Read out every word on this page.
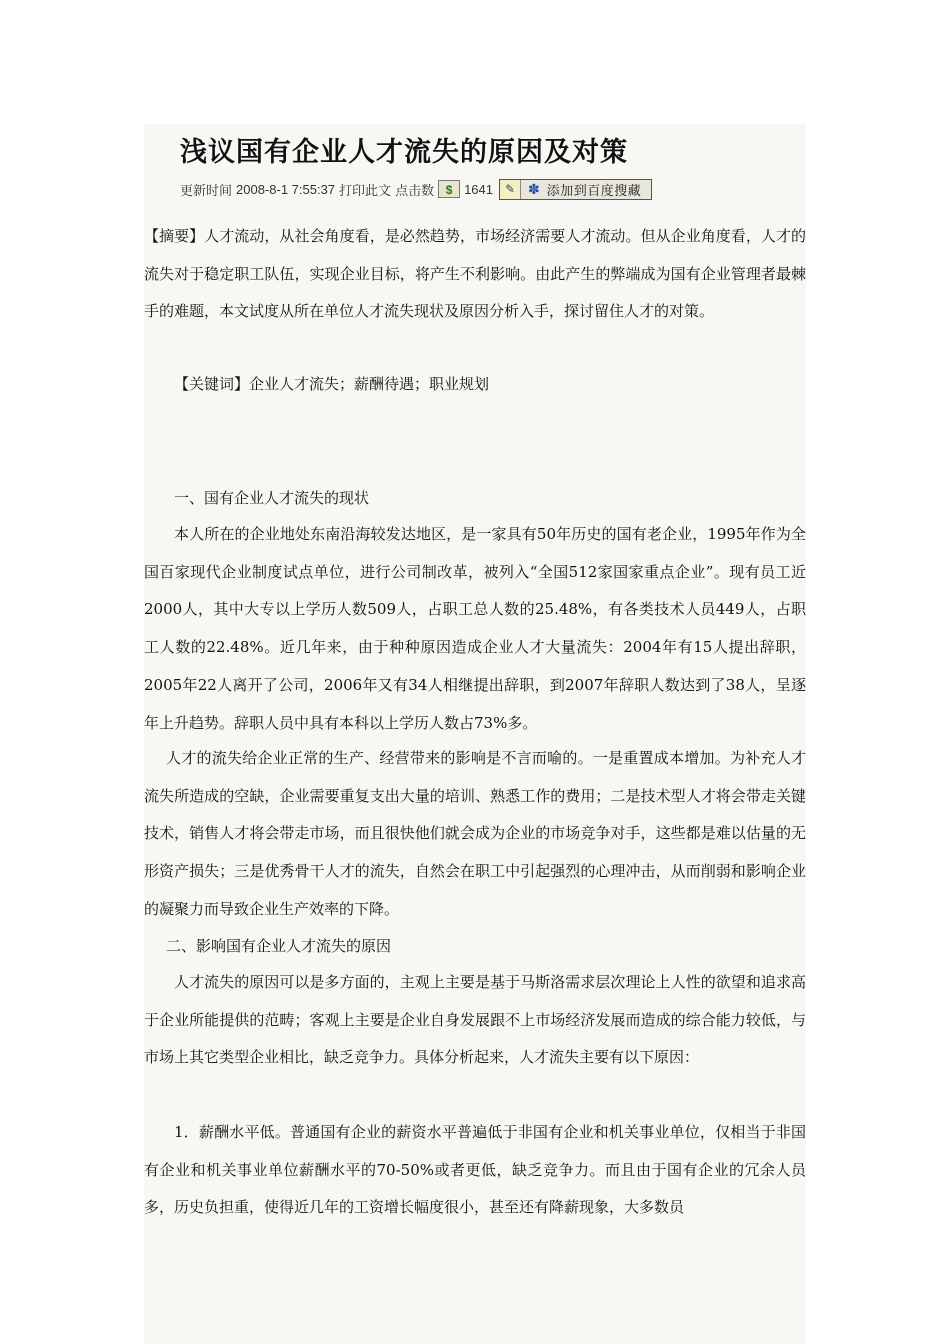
浅议国有企业人才流失的原因及对策
更新时间 2008-8-1 7:55:37 打印此文 点击数 $ 1641 ✎ ✽ 添加到百度搜藏

【摘要】人才流动，从社会角度看，是必然趋势，市场经济需要人才流动。但从企业角度看，人才的流失对于稳定职工队伍，实现企业目标，将产生不利影响。由此产生的弊端成为国有企业管理者最棘手的难题，本文试度从所在单位人才流失现状及原因分析入手，探讨留住人才的对策。

【关键词】企业人才流失；薪酬待遇；职业规划

一、国有企业人才流失的现状

本人所在的企业地处东南沿海较发达地区，是一家具有50年历史的国有老企业，1995年作为全国百家现代企业制度试点单位，进行公司制改革，被列入“全国512家国家重点企业”。现有员工近2000人，其中大专以上学历人数509人，占职工总人数的25.48%，有各类技术人员449人，占职工人数的22.48%。近几年来，由于种种原因造成企业人才大量流失：2004年有15人提出辞职，2005年22人离开了公司，2006年又有34人相继提出辞职，到2007年辞职人数达到了38人，呈逐年上升趋势。辞职人员中具有本科以上学历人数占73%多。

人才的流失给企业正常的生产、经营带来的影响是不言而喻的。一是重置成本增加。为补充人才流失所造成的空缺，企业需要重复支出大量的培训、熟悉工作的费用；二是技术型人才将会带走关键技术，销售人才将会带走市场，而且很快他们就会成为企业的市场竞争对手，这些都是难以估量的无形资产损失；三是优秀骨干人才的流失，自然会在职工中引起强烈的心理冲击，从而削弱和影响企业的凝聚力而导致企业生产效率的下降。

二、影响国有企业人才流失的原因

人才流失的原因可以是多方面的，主观上主要是基于马斯洛需求层次理论上人性的欲望和追求高于企业所能提供的范畴；客观上主要是企业自身发展跟不上市场经济发展而造成的综合能力较低，与市场上其它类型企业相比，缺乏竞争力。具体分析起来，人才流失主要有以下原因：

1．薪酬水平低。普通国有企业的薪资水平普遍低于非国有企业和机关事业单位，仅相当于非国有企业和机关事业单位薪酬水平的70-50%或者更低，缺乏竞争力。而且由于国有企业的冗余人员多，历史负担重，使得近几年的工资增长幅度很小，甚至还有降薪现象，大多数员
